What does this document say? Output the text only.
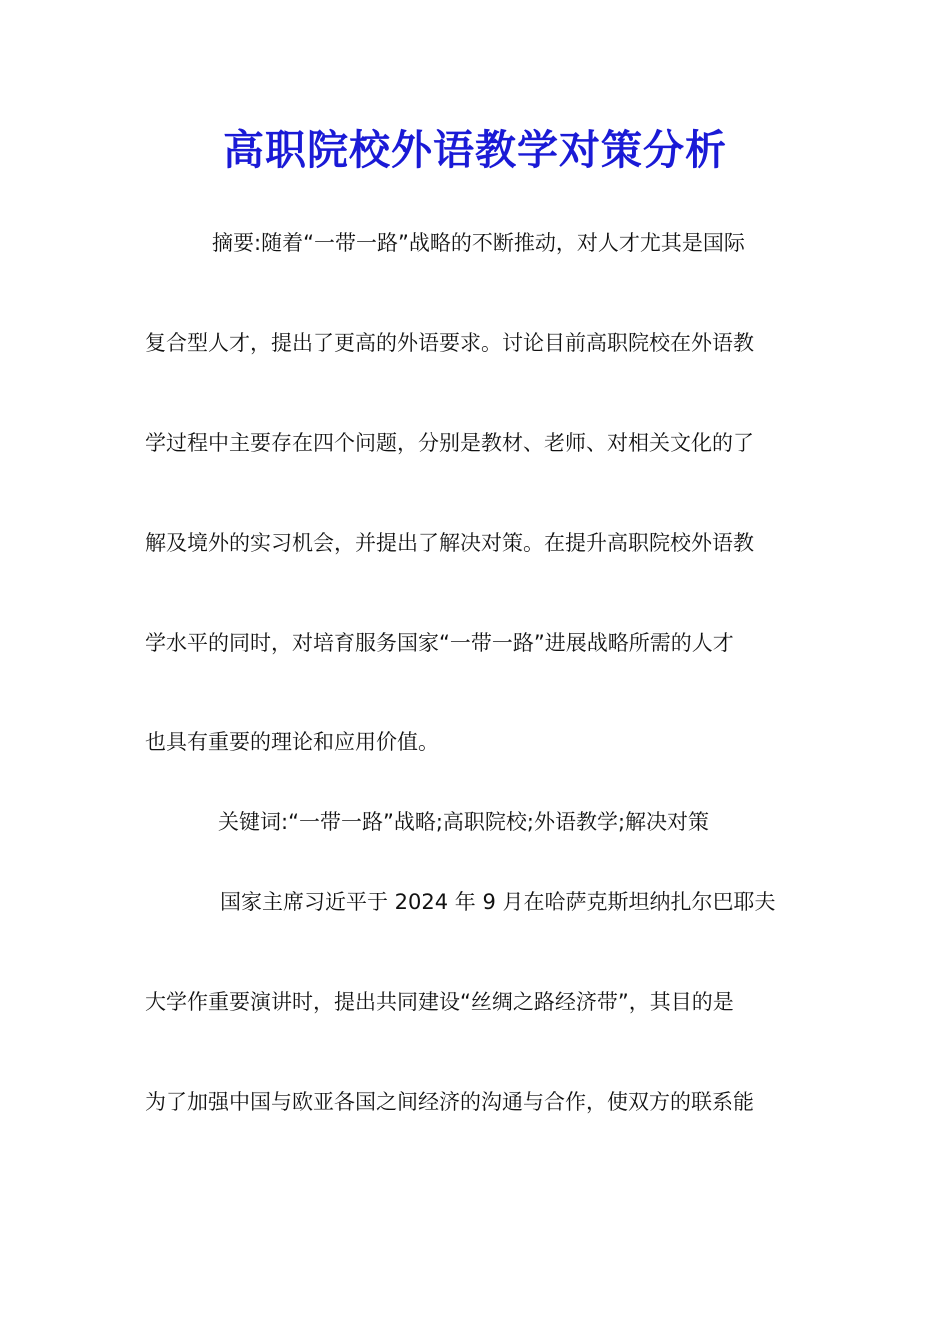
高职院校外语教学对策分析
摘要:随着“一带一路”战略的不断推动，对人才尤其是国际
复合型人才，提出了更高的外语要求。讨论目前高职院校在外语教
学过程中主要存在四个问题，分别是教材、老师、对相关文化的了
解及境外的实习机会，并提出了解决对策。在提升高职院校外语教
学水平的同时，对培育服务国家“一带一路”进展战略所需的人才
也具有重要的理论和应用价值。
关键词:“一带一路”战略;高职院校;外语教学;解决对策
国家主席习近平于 2024 年 9 月在哈萨克斯坦纳扎尔巴耶夫
大学作重要演讲时，提出共同建设“丝绸之路经济带”，其目的是
为了加强中国与欧亚各国之间经济的沟通与合作，使双方的联系能
